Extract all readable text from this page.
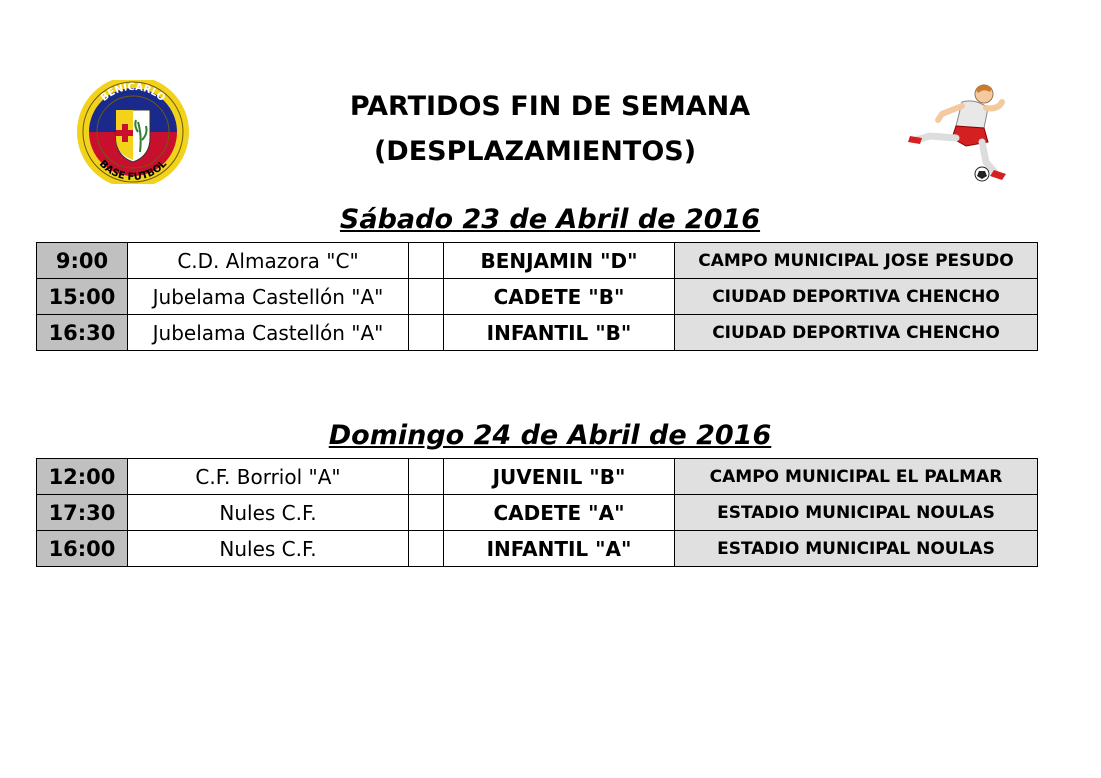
BENICARLO
BASE FUTBOL
PARTIDOS FIN DE SEMANA
(DESPLAZAMIENTOS)
Sábado 23 de Abril de 2016
9:00	C.D. Almazora "C"		BENJAMIN "D"	CAMPO MUNICIPAL JOSE PESUDO
15:00	Jubelama Castellón "A"		CADETE "B"	CIUDAD DEPORTIVA CHENCHO
16:30	Jubelama Castellón "A"		INFANTIL "B"	CIUDAD DEPORTIVA CHENCHO
Domingo 24 de Abril de 2016
12:00	C.F. Borriol "A"		JUVENIL "B"	CAMPO MUNICIPAL EL PALMAR
17:30	Nules C.F.		CADETE "A"	ESTADIO MUNICIPAL NOULAS
16:00	Nules C.F.		INFANTIL "A"	ESTADIO MUNICIPAL NOULAS
